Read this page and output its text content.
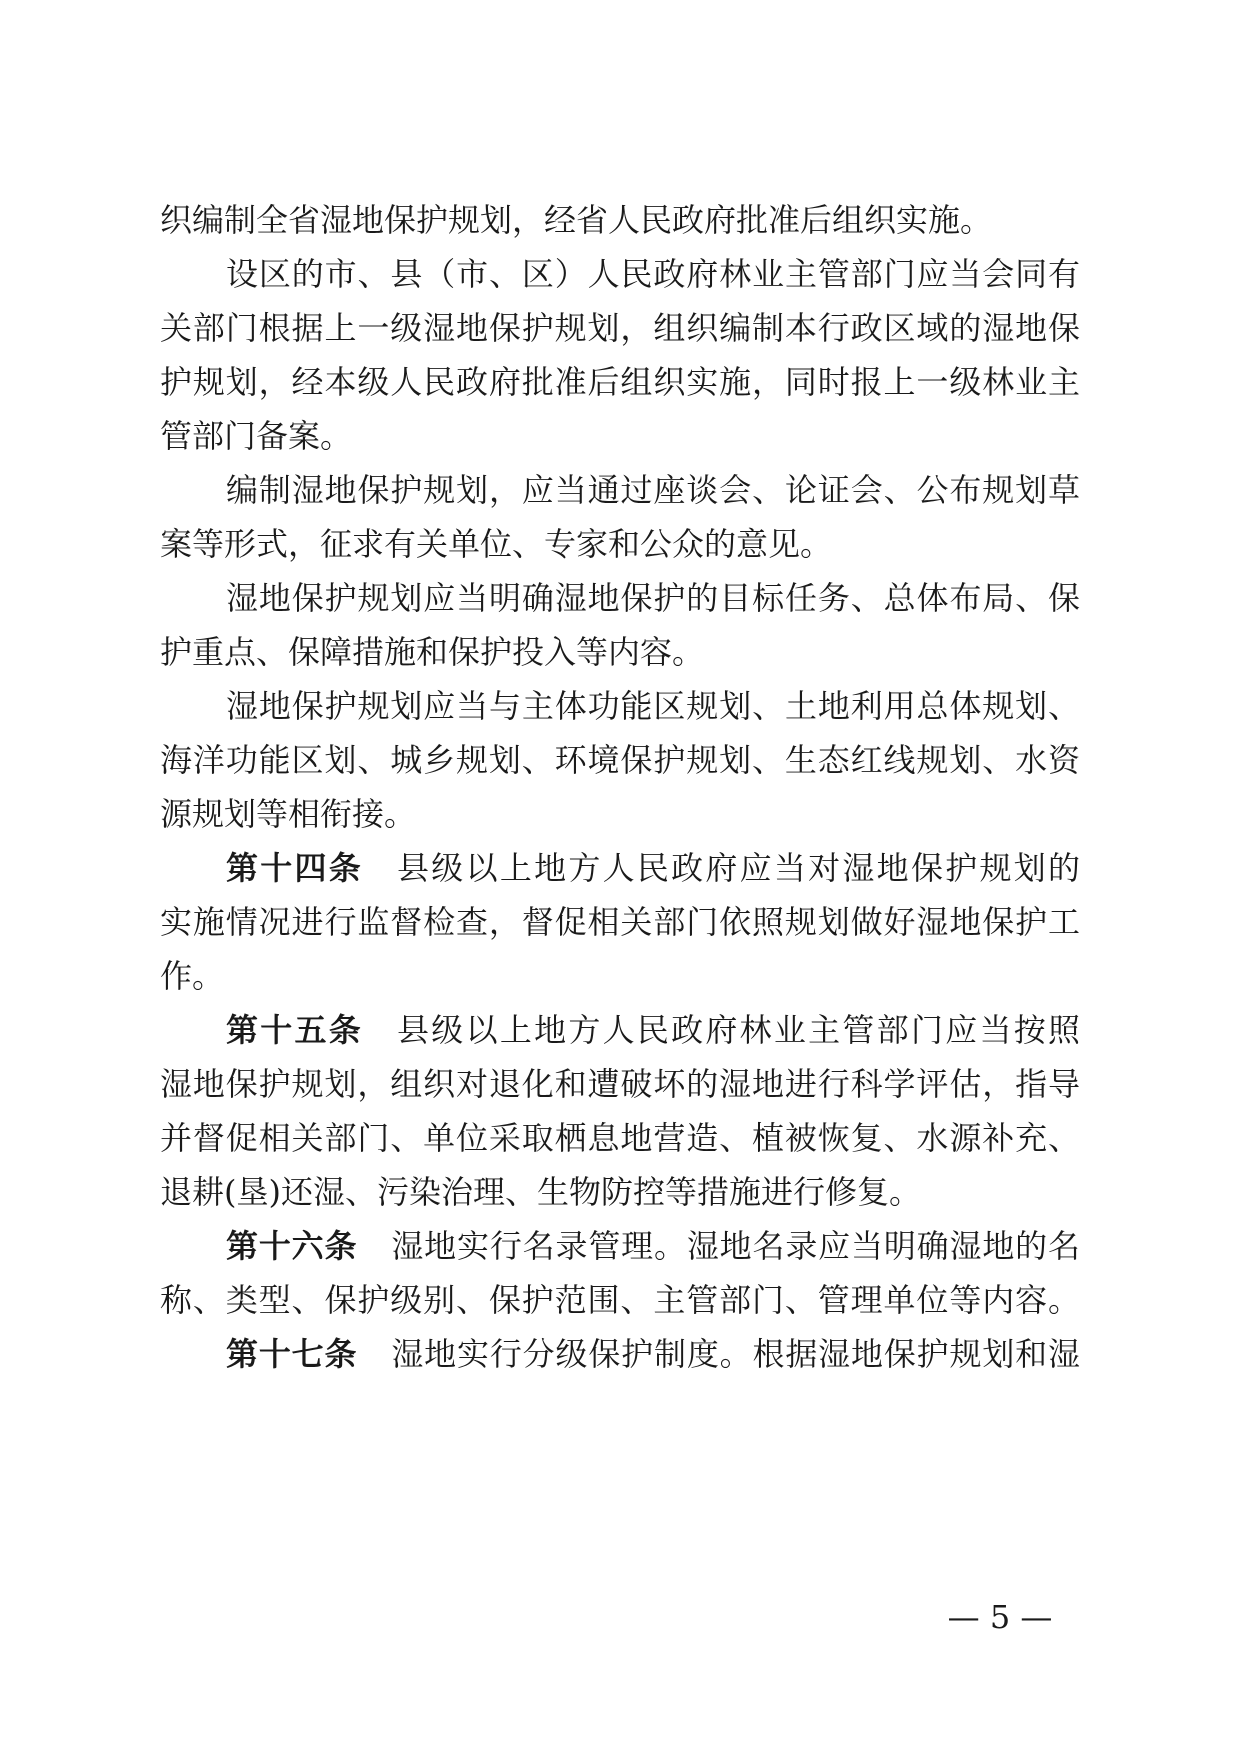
织编制全省湿地保护规划，经省人民政府批准后组织实施。
设区的市、县（市、区）人民政府林业主管部门应当会同有
关部门根据上一级湿地保护规划，组织编制本行政区域的湿地保
护规划，经本级人民政府批准后组织实施，同时报上一级林业主
管部门备案。
编制湿地保护规划，应当通过座谈会、论证会、公布规划草
案等形式，征求有关单位、专家和公众的意见。
湿地保护规划应当明确湿地保护的目标任务、总体布局、保
护重点、保障措施和保护投入等内容。
湿地保护规划应当与主体功能区规划、土地利用总体规划、
海洋功能区划、城乡规划、环境保护规划、生态红线规划、水资
源规划等相衔接。
第十四条 县级以上地方人民政府应当对湿地保护规划的
实施情况进行监督检查，督促相关部门依照规划做好湿地保护工
作。
第十五条 县级以上地方人民政府林业主管部门应当按照
湿地保护规划，组织对退化和遭破坏的湿地进行科学评估，指导
并督促相关部门、单位采取栖息地营造、植被恢复、水源补充、
退耕(垦)还湿、污染治理、生物防控等措施进行修复。
第十六条 湿地实行名录管理。湿地名录应当明确湿地的名
称、类型、保护级别、保护范围、主管部门、管理单位等内容。
第十七条 湿地实行分级保护制度。根据湿地保护规划和湿
— 5 —
